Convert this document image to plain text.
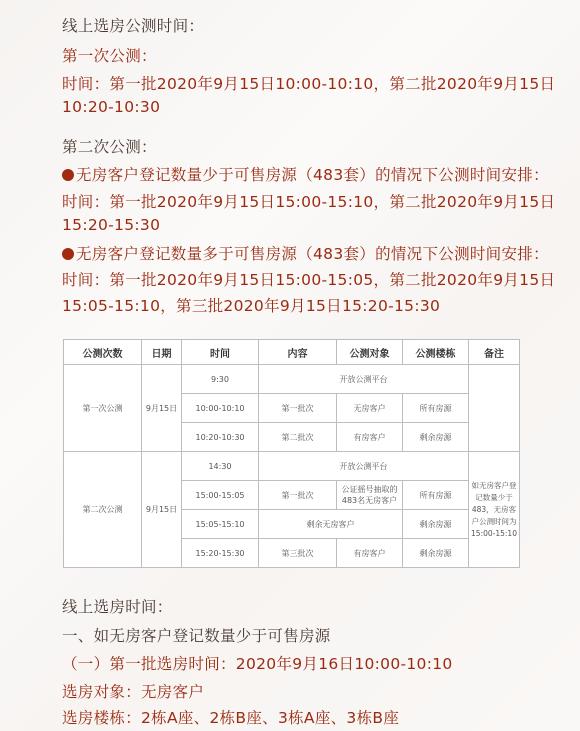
线上选房公测时间：
第一次公测：
时间：第一批2020年9月15日10:00-10:10，第二批2020年9月15日
10:20-10:30
第二次公测：
无房客户登记数量少于可售房源（483套）的情况下公测时间安排：
时间：第一批2020年9月15日15:00-15:10，第二批2020年9月15日
15:20-15:30
无房客户登记数量多于可售房源（483套）的情况下公测时间安排：
时间：第一批2020年9月15日15:00-15:05，第二批2020年9月15日
15:05-15:10，第三批2020年9月15日15:20-15:30
公测次数	日期	时间	内容	公测对象	公测楼栋	备注
第一次公测	9月15日	9:30	开放公测平台			
		10:00-10:10	第一批次	无房客户	所有房源	
		10:20-10:30	第二批次	有房客户	剩余房源	
第二次公测	9月15日	14:30	开放公测平台			如无房客户登记数量少于483，无房客户公测时间为15:00-15:10
		15:00-15:05	第一批次	公证摇号抽取的483名无房客户	所有房源	
		15:05-15:10	剩余无房客户		剩余房源	
		15:20-15:30	第三批次	有房客户	剩余房源	
线上选房时间：
一、如无房客户登记数量少于可售房源
（一）第一批选房时间：2020年9月16日10:00-10:10
选房对象：无房客户
选房楼栋：2栋A座、2栋B座、3栋A座、3栋B座
